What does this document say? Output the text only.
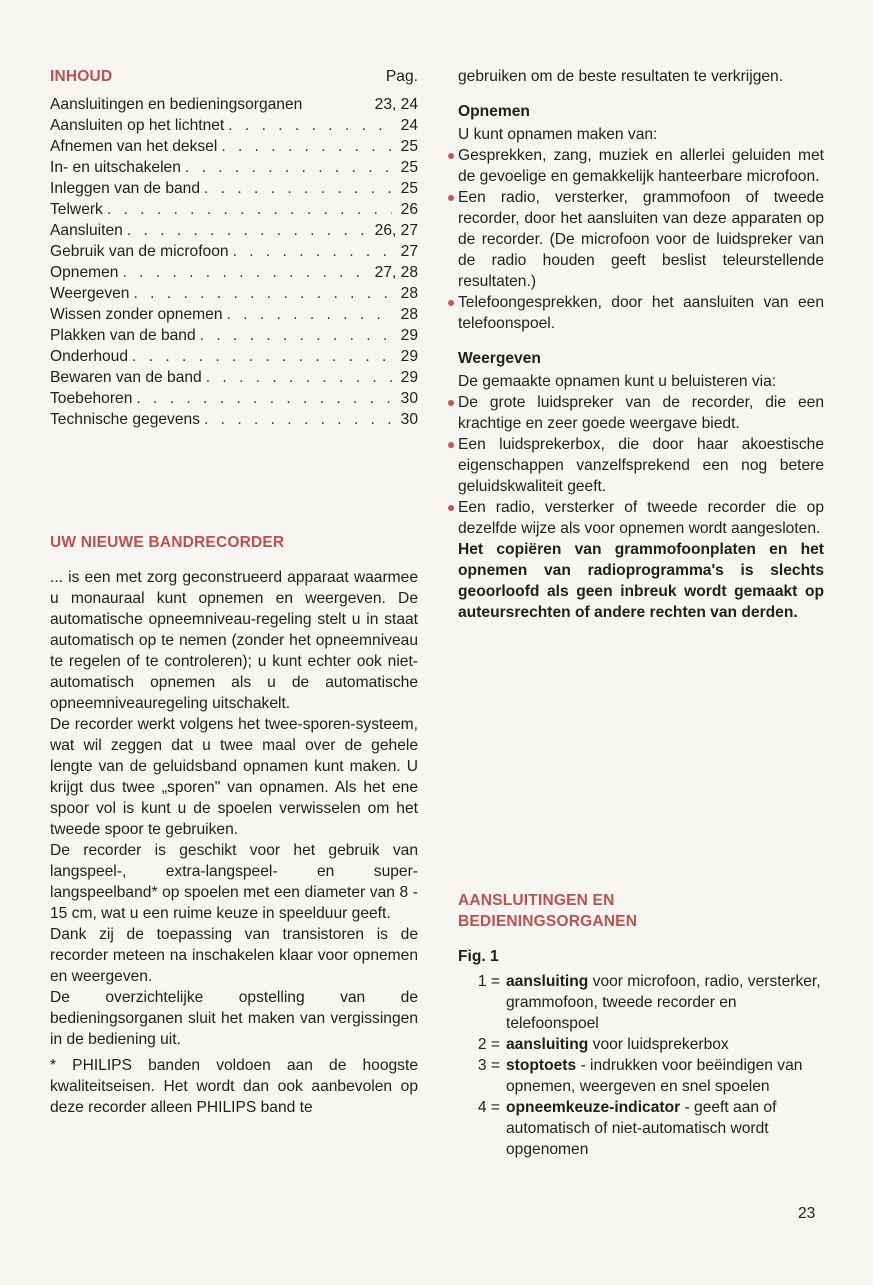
INHOUD	Pag.
Aansluitingen en bedieningsorganen	23, 24
Aansluiten op het lichtnet . . .	24
Afnemen van het deksel . . .	25
In- en uitschakelen . . .	25
Inleggen van de band . . .	25
Telwerk . . .	26
Aansluiten . . .	26, 27
Gebruik van de microfoon . . .	27
Opnemen . . .	27, 28
Weergeven . . .	28
Wissen zonder opnemen . . .	28
Plakken van de band . . .	29
Onderhoud . . .	29
Bewaren van de band . . .	29
Toebehoren . . .	30
Technische gegevens . . .	30
UW NIEUWE BANDRECORDER

... is een met zorg geconstrueerd apparaat waarmee u monauraal kunt opnemen en weergeven. De automatische opneemniveau-regeling stelt u in staat automatisch op te nemen (zonder het opneemniveau te regelen of te controleren); u kunt echter ook niet-automatisch opnemen als u de automatische opneemniveauregeling uitschakelt.

De recorder werkt volgens het twee-sporen-systeem, wat wil zeggen dat u twee maal over de gehele lengte van de geluidsband opnamen kunt maken. U krijgt dus twee „sporen" van opnamen. Als het ene spoor vol is kunt u de spoelen verwisselen om het tweede spoor te gebruiken.

De recorder is geschikt voor het gebruik van langspeel-, extra-langspeel- en super-langspeelband* op spoelen met een diameter van 8 - 15 cm, wat u een ruime keuze in speelduur geeft.

Dank zij de toepassing van transistoren is de recorder meteen na inschakelen klaar voor opnemen en weergeven.

De overzichtelijke opstelling van de bedieningsorganen sluit het maken van vergissingen in de bediening uit.

* PHILIPS banden voldoen aan de hoogste kwaliteitseisen. Het wordt dan ook aanbevolen op deze recorder alleen PHILIPS band te

gebruiken om de beste resultaten te verkrijgen.

Opnemen

U kunt opnamen maken van:

Gesprekken, zang, muziek en allerlei geluiden met de gevoelige en gemakkelijk hanteerbare microfoon.
Een radio, versterker, grammofoon of tweede recorder, door het aansluiten van deze apparaten op de recorder. (De microfoon voor de luidspreker van de radio houden geeft beslist teleurstellende resultaten.)
Telefoongesprekken, door het aansluiten van een telefoonspoel.
Weergeven

De gemaakte opnamen kunt u beluisteren via:

De grote luidspreker van de recorder, die een krachtige en zeer goede weergave biedt.
Een luidsprekerbox, die door haar akoestische eigenschappen vanzelfsprekend een nog betere geluidskwaliteit geeft.
Een radio, versterker of tweede recorder die op dezelfde wijze als voor opnemen wordt aangesloten.

Het copiëren van grammofoonplaten en het opnemen van radioprogramma's is slechts geoorloofd als geen inbreuk wordt gemaakt op auteursrechten of andere rechten van derden.

AANSLUITINGEN EN
BEDIENINGSORGANEN
Fig. 1
1 = aansluiting voor microfoon, radio, versterker, grammofoon, tweede recorder en telefoonspoel
2 = aansluiting voor luidsprekerbox
3 = stoptoets - indrukken voor beëindigen van opnemen, weergeven en snel spoelen
4 = opneemkeuze-indicator - geeft aan of automatisch of niet-automatisch wordt opgenomen
23
